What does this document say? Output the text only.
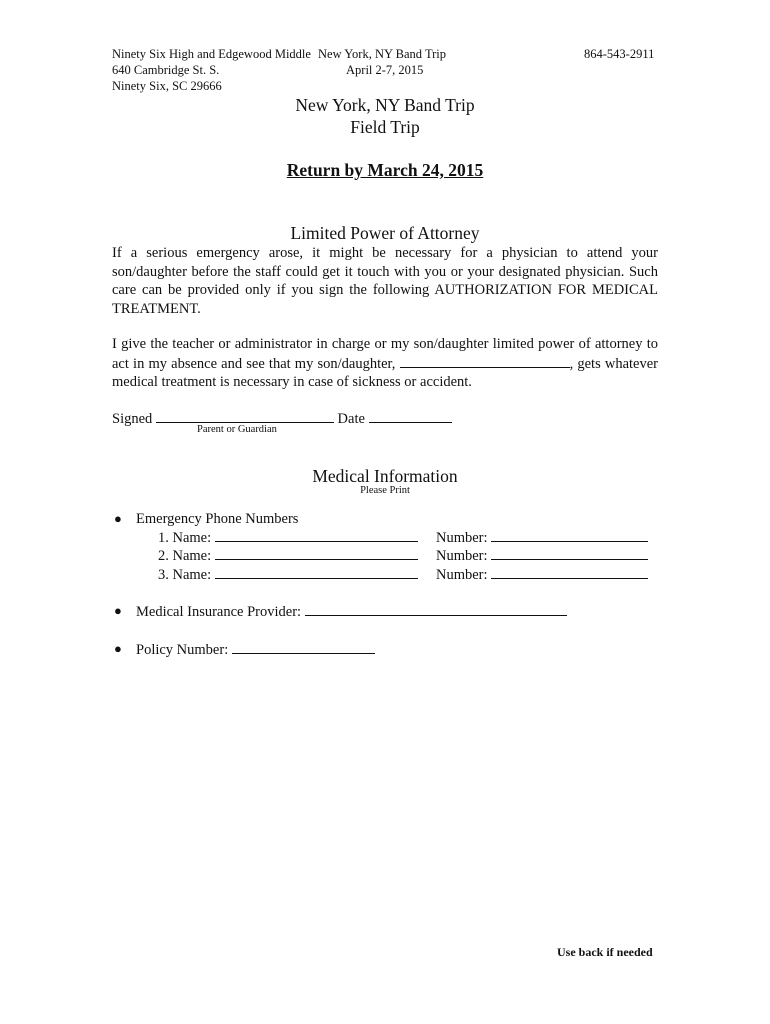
Ninety Six High and Edgewood Middle New York, NY Band Trip	864-543-2911
640 Cambridge St. S.	April 2-7, 2015
Ninety Six, SC 29666
New York, NY Band Trip
Field Trip
Return by March 24, 2015
Limited Power of Attorney
If a serious emergency arose, it might be necessary for a physician to attend your son/daughter before the staff could get it touch with you or your designated physician. Such care can be provided only if you sign the following AUTHORIZATION FOR MEDICAL TREATMENT.
I give the teacher or administrator in charge or my son/daughter limited power of attorney to act in my absence and see that my son/daughter,	, gets whatever medical treatment is necessary in case of sickness or accident.
Signed	Date
Parent or Guardian
Medical Information
Please Print
● Emergency Phone Numbers
1. Name:	Number:
2. Name:	Number:
3. Name:	Number:
● Medical Insurance Provider:
● Policy Number:
Use back if needed
